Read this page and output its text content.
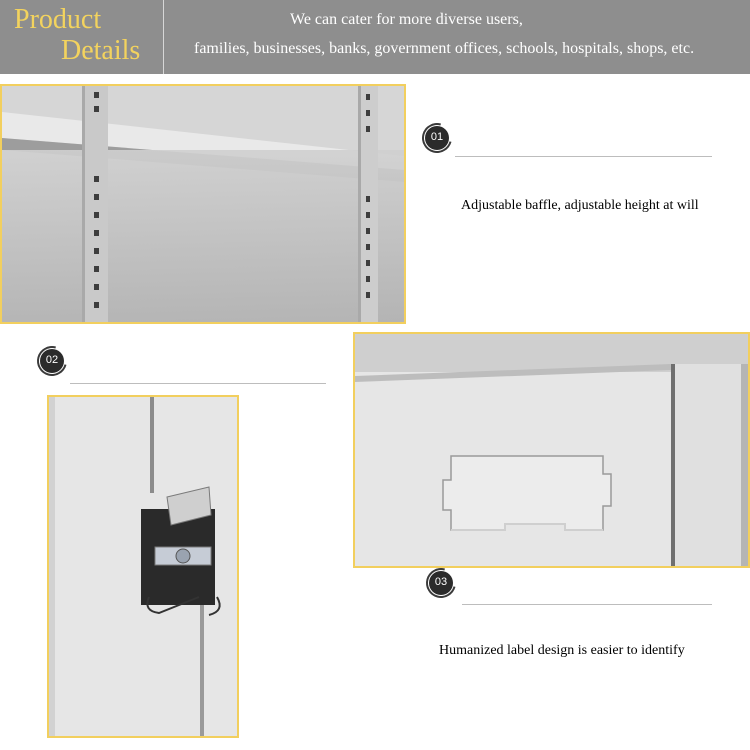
Product
Details
We can cater for more diverse users,
families, businesses, banks, government offices, schools, hospitals, shops, etc.
01
Adjustable baffle, adjustable height at will
02
03
Humanized label design is easier to identify
